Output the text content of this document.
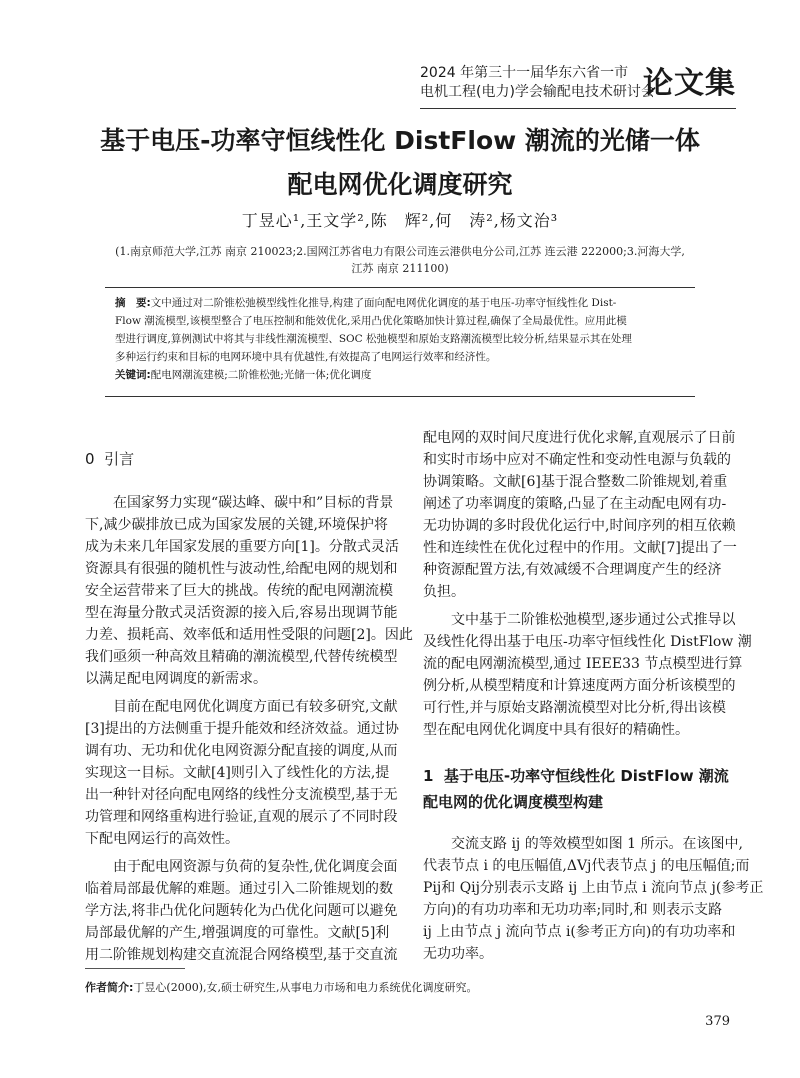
2024 年第三十一届华东六省一市
电机工程(电力)学会输配电技术研讨会
论文集
基于电压-功率守恒线性化 DistFlow 潮流的光储一体
配电网优化调度研究
丁昱心¹,王文学²,陈　辉²,何　涛²,杨文治³
(1.南京师范大学,江苏 南京 210023;2.国网江苏省电力有限公司连云港供电分公司,江苏 连云港 222000;3.河海大学,
江苏 南京 211100)
摘　要:文中通过对二阶锥松弛模型线性化推导,构建了面向配电网优化调度的基于电压-功率守恒线性化 Dist-
Flow 潮流模型,该模型整合了电压控制和能效优化,采用凸优化策略加快计算过程,确保了全局最优性。应用此模
型进行调度,算例测试中将其与非线性潮流模型、SOC 松弛模型和原始支路潮流模型比较分析,结果显示其在处理
多种运行约束和目标的电网环境中具有优越性,有效提高了电网运行效率和经济性。
关键词:配电网潮流建模;二阶锥松弛;光储一体;优化调度
0 引言
在国家努力实现“碳达峰、碳中和”目标的背景
下,减少碳排放已成为国家发展的关键,环境保护将
成为未来几年国家发展的重要方向[1]。分散式灵活
资源具有很强的随机性与波动性,给配电网的规划和
安全运营带来了巨大的挑战。传统的配电网潮流模
型在海量分散式灵活资源的接入后,容易出现调节能
力差、损耗高、效率低和适用性受限的问题[2]。因此
我们亟须一种高效且精确的潮流模型,代替传统模型
以满足配电网调度的新需求。
目前在配电网优化调度方面已有较多研究,文献
[3]提出的方法侧重于提升能效和经济效益。通过协
调有功、无功和优化电网资源分配直接的调度,从而
实现这一目标。文献[4]则引入了线性化的方法,提
出一种针对径向配电网络的线性分支流模型,基于无
功管理和网络重构进行验证,直观的展示了不同时段
下配电网运行的高效性。
由于配电网资源与负荷的复杂性,优化调度会面
临着局部最优解的难题。通过引入二阶锥规划的数
学方法,将非凸优化问题转化为凸优化问题可以避免
局部最优解的产生,增强调度的可靠性。文献[5]利
用二阶锥规划构建交直流混合网络模型,基于交直流
配电网的双时间尺度进行优化求解,直观展示了日前
和实时市场中应对不确定性和变动性电源与负载的
协调策略。文献[6]基于混合整数二阶锥规划,着重
阐述了功率调度的策略,凸显了在主动配电网有功-
无功协调的多时段优化运行中,时间序列的相互依赖
性和连续性在优化过程中的作用。文献[7]提出了一
种资源配置方法,有效减缓不合理调度产生的经济
负担。
文中基于二阶锥松弛模型,逐步通过公式推导以
及线性化得出基于电压-功率守恒线性化 DistFlow 潮
流的配电网潮流模型,通过 IEEE33 节点模型进行算
例分析,从模型精度和计算速度两方面分析该模型的
可行性,并与原始支路潮流模型对比分析,得出该模
型在配电网优化调度中具有很好的精确性。
1 基于电压-功率守恒线性化 DistFlow 潮流
配电网的优化调度模型构建
交流支路 ij 的等效模型如图 1 所示。在该图中,
代表节点 i 的电压幅值,ΔVj代表节点 j 的电压幅值;而
Pij和 Qij分别表示支路 ij 上由节点 i 流向节点 j(参考正
方向)的有功功率和无功功率;同时,和 则表示支路
ij 上由节点 j 流向节点 i(参考正方向)的有功功率和
无功功率。
作者简介:丁昱心(2000),女,硕士研究生,从事电力市场和电力系统优化调度研究。
379
